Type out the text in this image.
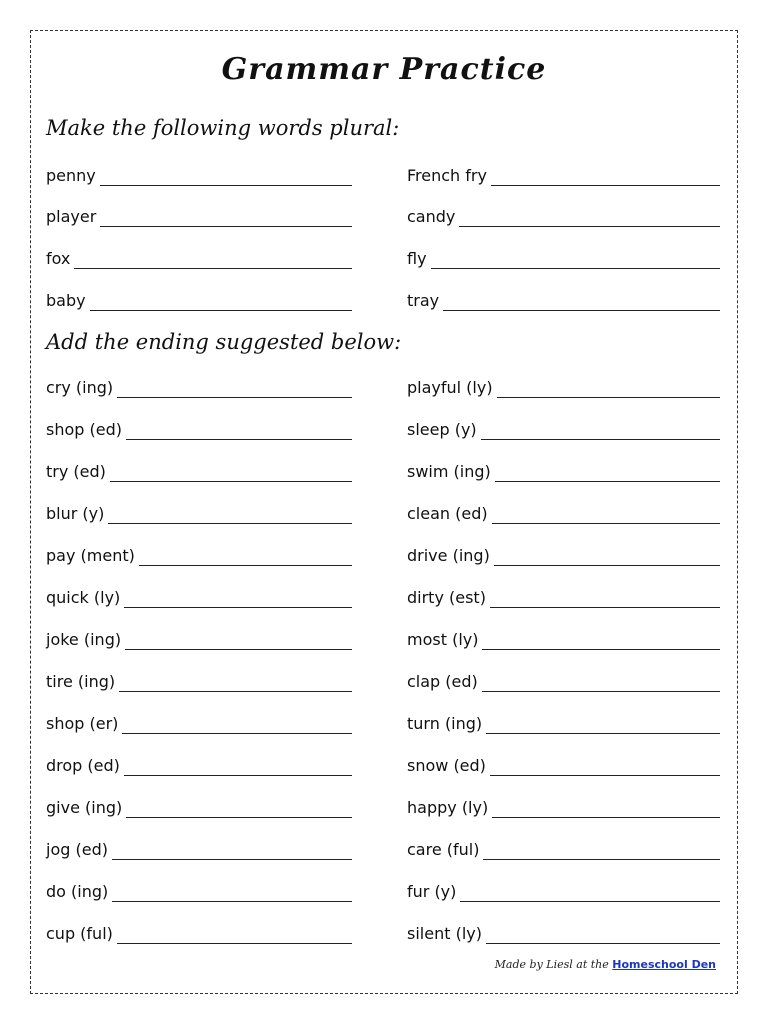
Grammar Practice
Make the following words plural:
Add the ending suggested below:
penny	French fry
player	candy
fox	fly
baby	tray
cry (ing)	playful (ly)
shop (ed)	sleep (y)
try (ed)	swim (ing)
blur (y)	clean (ed)
pay (ment)	drive (ing)
quick (ly)	dirty (est)
joke (ing)	most (ly)
tire (ing)	clap (ed)
shop (er)	turn (ing)
drop (ed)	snow (ed)
give (ing)	happy (ly)
jog (ed)	care (ful)
do (ing)	fur (y)
cup (ful)	silent (ly)
Made by Liesl at the Homeschool Den
